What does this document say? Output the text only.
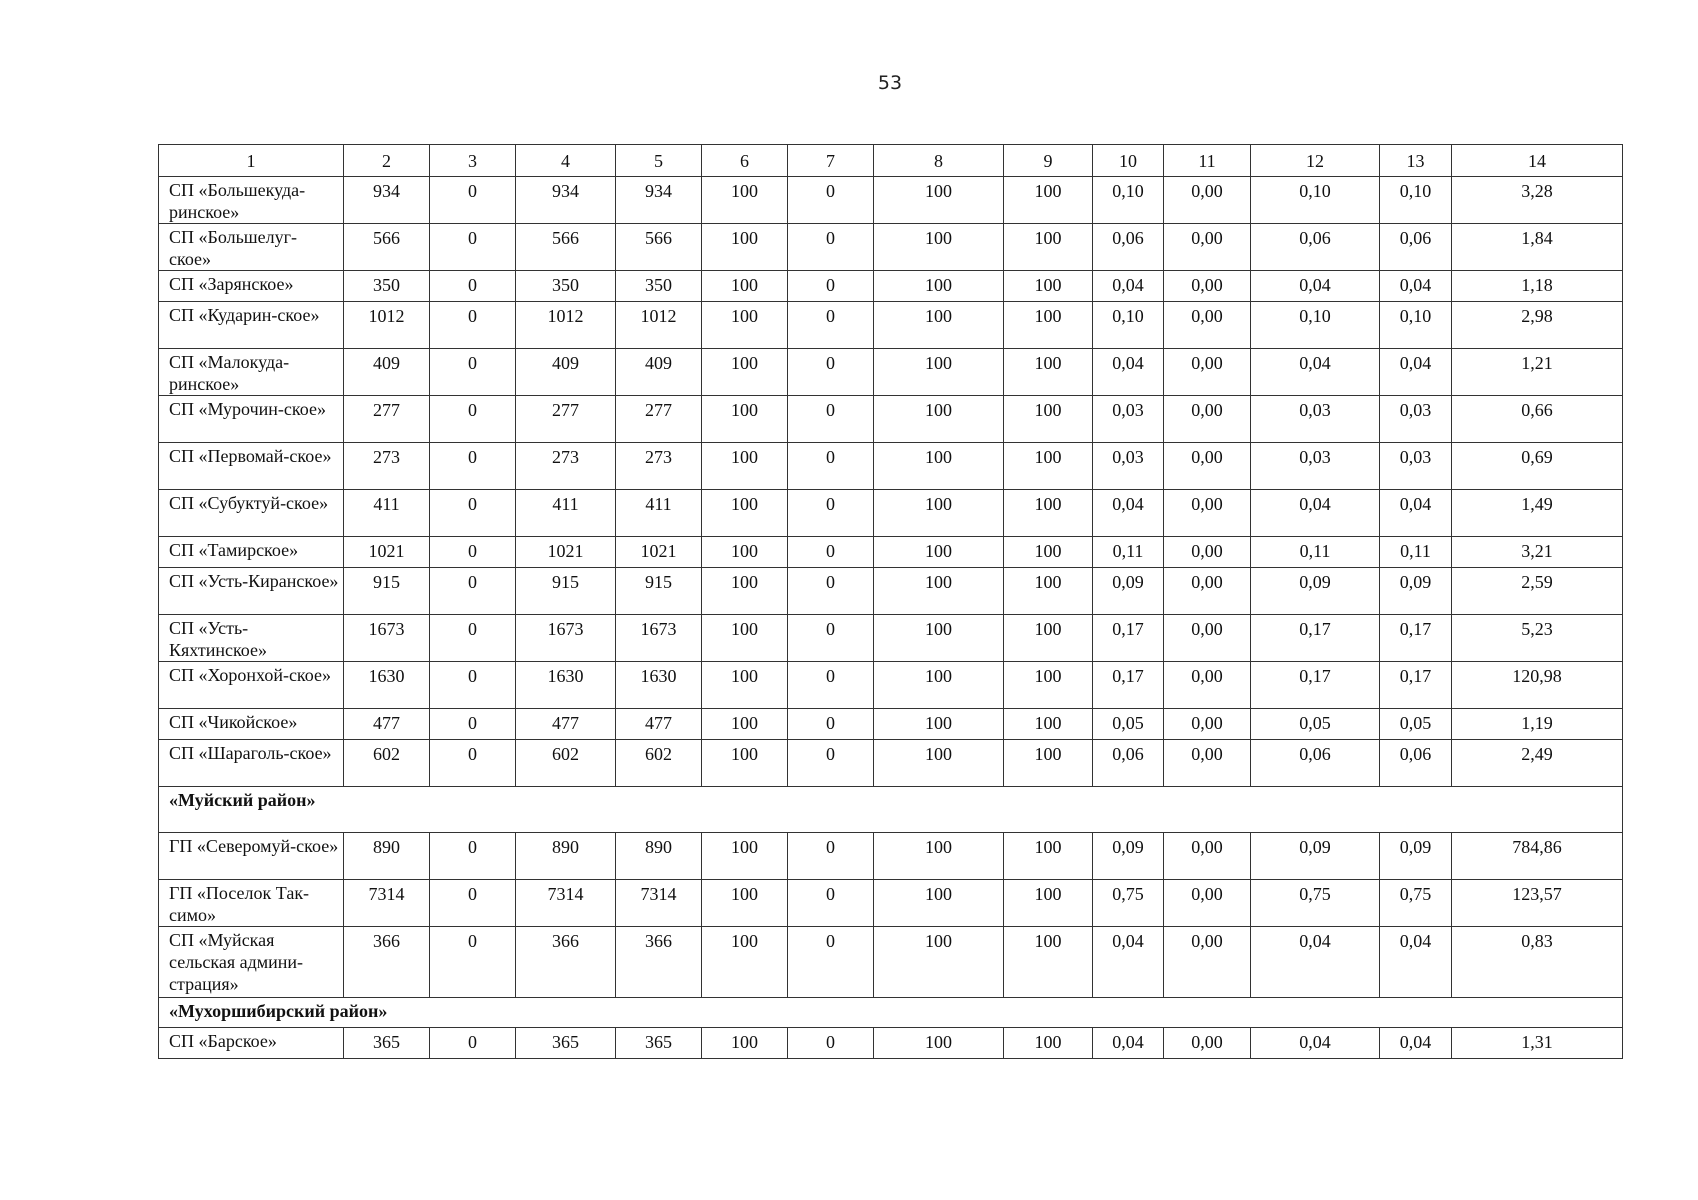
53
1	2	3	4	5	6	7	8	9	10	11	12	13	14
СП «Большекуда-ринское»	934	0	934	934	100	0	100	100	0,10	0,00	0,10	0,10	3,28
СП «Большелуг-ское»	566	0	566	566	100	0	100	100	0,06	0,00	0,06	0,06	1,84
СП «Зарянское»	350	0	350	350	100	0	100	100	0,04	0,00	0,04	0,04	1,18
СП «Кударин-ское»	1012	0	1012	1012	100	0	100	100	0,10	0,00	0,10	0,10	2,98
СП «Малокуда-ринское»	409	0	409	409	100	0	100	100	0,04	0,00	0,04	0,04	1,21
СП «Мурочин-ское»	277	0	277	277	100	0	100	100	0,03	0,00	0,03	0,03	0,66
СП «Первомай-ское»	273	0	273	273	100	0	100	100	0,03	0,00	0,03	0,03	0,69
СП «Субуктуй-ское»	411	0	411	411	100	0	100	100	0,04	0,00	0,04	0,04	1,49
СП «Тамирское»	1021	0	1021	1021	100	0	100	100	0,11	0,00	0,11	0,11	3,21
СП «Усть-Киранское»	915	0	915	915	100	0	100	100	0,09	0,00	0,09	0,09	2,59
СП «Усть-Кяхтинское»	1673	0	1673	1673	100	0	100	100	0,17	0,00	0,17	0,17	5,23
СП «Хоронхой-ское»	1630	0	1630	1630	100	0	100	100	0,17	0,00	0,17	0,17	120,98
СП «Чикойское»	477	0	477	477	100	0	100	100	0,05	0,00	0,05	0,05	1,19
СП «Шараголь-ское»	602	0	602	602	100	0	100	100	0,06	0,00	0,06	0,06	2,49
«Муйский район»													
ГП «Северомуй-ское»	890	0	890	890	100	0	100	100	0,09	0,00	0,09	0,09	784,86
ГП «Поселок Так-симо»	7314	0	7314	7314	100	0	100	100	0,75	0,00	0,75	0,75	123,57
СП «Муйская сельская админи-страция»	366	0	366	366	100	0	100	100	0,04	0,00	0,04	0,04	0,83
«Мухоршибирский район»													
СП «Барское»	365	0	365	365	100	0	100	100	0,04	0,00	0,04	0,04	1,31
